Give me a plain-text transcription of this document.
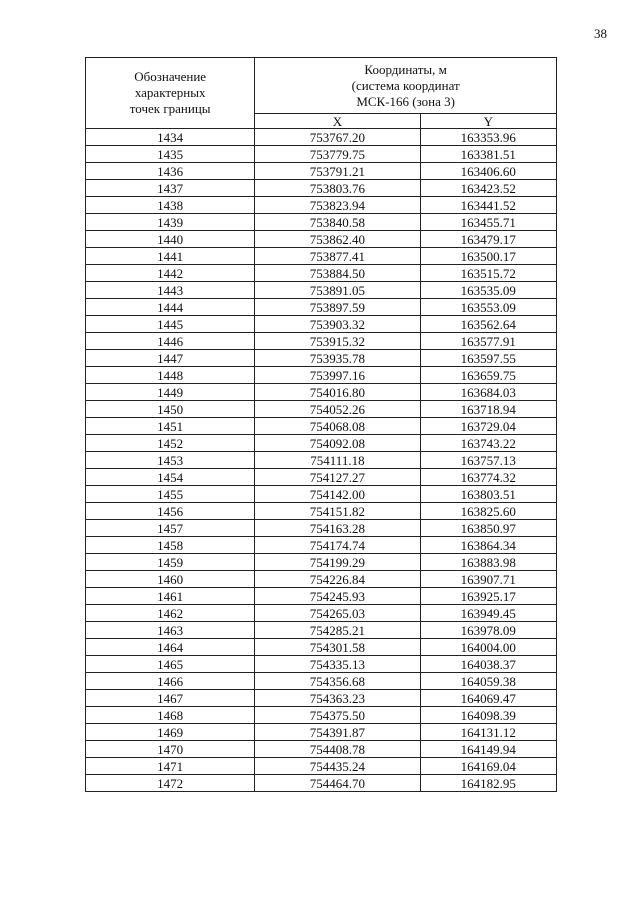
38
Обозначение
характерных
точек границы	Координаты, м
(система координат
МСК-166 (зона 3)	

	X	Y
1434	753767.20	163353.96
1435	753779.75	163381.51
1436	753791.21	163406.60
1437	753803.76	163423.52
1438	753823.94	163441.52
1439	753840.58	163455.71
1440	753862.40	163479.17
1441	753877.41	163500.17
1442	753884.50	163515.72
1443	753891.05	163535.09
1444	753897.59	163553.09
1445	753903.32	163562.64
1446	753915.32	163577.91
1447	753935.78	163597.55
1448	753997.16	163659.75
1449	754016.80	163684.03
1450	754052.26	163718.94
1451	754068.08	163729.04
1452	754092.08	163743.22
1453	754111.18	163757.13
1454	754127.27	163774.32
1455	754142.00	163803.51
1456	754151.82	163825.60
1457	754163.28	163850.97
1458	754174.74	163864.34
1459	754199.29	163883.98
1460	754226.84	163907.71
1461	754245.93	163925.17
1462	754265.03	163949.45
1463	754285.21	163978.09
1464	754301.58	164004.00
1465	754335.13	164038.37
1466	754356.68	164059.38
1467	754363.23	164069.47
1468	754375.50	164098.39
1469	754391.87	164131.12
1470	754408.78	164149.94
1471	754435.24	164169.04
1472	754464.70	164182.95
